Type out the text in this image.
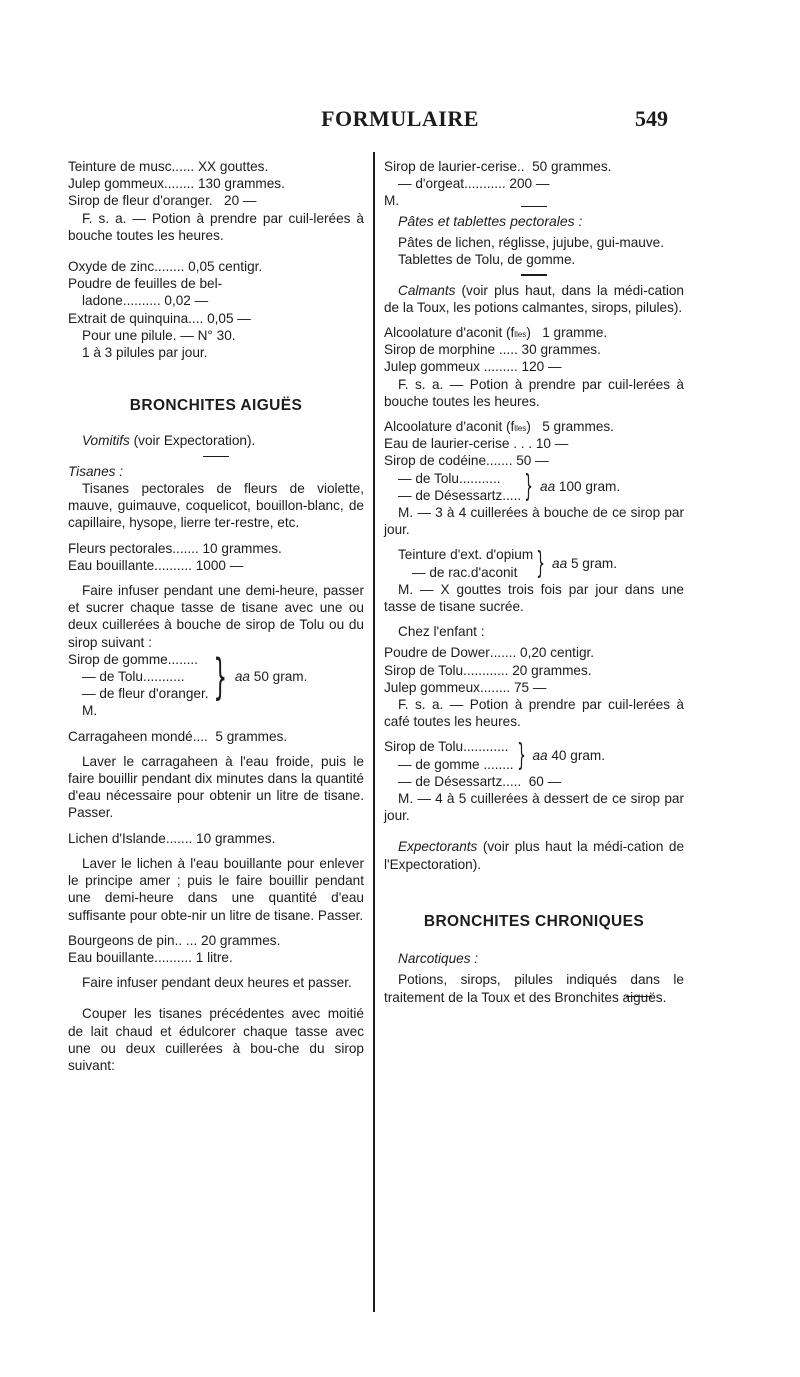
FORMULAIRE	549
Teinture de musc ......
XX gouttes.
Julep gommeux ........
130 grammes.
Sirop de fleur d'oranger.
20 —

F. s. a. — Potion à prendre par cuil-lerées à bouche toutes les heures.

Oxyde de zinc ........
0,05 centigr.
Poudre de feuilles de bel-
ladone ..........
0,02 —
Extrait de quinquina....
0,05 —

Pour une pilule. — N° 30.

1 à 3 pilules par jour.

BRONCHITES AIGUËS

Vomitifs (voir Expectoration).

Tisanes :

Tisanes pectorales de fleurs de violette, mauve, guimauve, coquelicot, bouillon-blanc, de capillaire, hysope, lierre ter-restre, etc.

Fleurs pectorales .......
10 grammes.
Eau bouillante ..........
1000 —

Faire infuser pendant une demi-heure, passer et sucrer chaque tasse de tisane avec une ou deux cuillerées à bouche de sirop de Tolu ou du sirop suivant :

Sirop de gomme........
— de Tolu...........
— de fleur d'oranger. } aa 50 gram.

M.

Carragaheen mondé ....
5 grammes.

Laver le carragaheen à l'eau froide, puis le faire bouillir pendant dix minutes dans la quantité d'eau nécessaire pour obtenir un litre de tisane. Passer.

Lichen d'Islande .......
10 grammes.

Laver le lichen à l'eau bouillante pour enlever le principe amer ; puis le faire bouillir pendant une demi-heure dans une quantité d'eau suffisante pour obte-nir un litre de tisane. Passer.

Bourgeons de pin.. ...
20 grammes.
Eau bouillante ..........
1 litre.

Faire infuser pendant deux heures et passer.

Couper les tisanes précédentes avec moitié de lait chaud et édulcorer chaque tasse avec une ou deux cuillerées à bou-che du sirop suivant:

Sirop de laurier-cerise..
50 grammes.
— d'orgeat ...........
200 —

M.

Pâtes et tablettes pectorales :

Pâtes de lichen, réglisse, jujube, gui-mauve.

Tablettes de Tolu, de gomme.

Calmants (voir plus haut, dans la médi-cation de la Toux, les potions calmantes, sirops, pilules).

Alcoolature d'aconit (f lles )
1 gramme.
Sirop de morphine
.....
30 grammes.
Julep gommeux
.........
120 —

F. s. a. — Potion à prendre par cuil-lerées à bouche toutes les heures.

Alcoolature d'aconit (f lles )
5 grammes.
Eau de laurier-cerise . . .
10 —
Sirop de codéine .......
50 —
— de Tolu...........
— de Désessartz..... } aa 100 gram.

M. — 3 à 4 cuillerées à bouche de ce sirop par jour.

Teinture d'ext. d'opium
— de rac.d'aconit } aa 5 gram.

M. — X gouttes trois fois par jour dans une tasse de tisane sucrée.

Chez l'enfant :

Poudre de Dower .......
0,20 centigr.
Sirop de Tolu ............
20 grammes.
Julep gommeux ........
75 —

F. s. a. — Potion à prendre par cuil-lerées à café toutes les heures.

Sirop de Tolu............
— de gomme ........ } aa 40 gram.
— de Désessartz .....
60 —

M. — 4 à 5 cuillerées à dessert de ce sirop par jour.

Expectorants (voir plus haut la médi-cation de l'Expectoration).

BRONCHITES CHRONIQUES

Narcotiques :

Potions, sirops, pilules indiqués dans le traitement de la Toux et des Bronchites aiguës.
